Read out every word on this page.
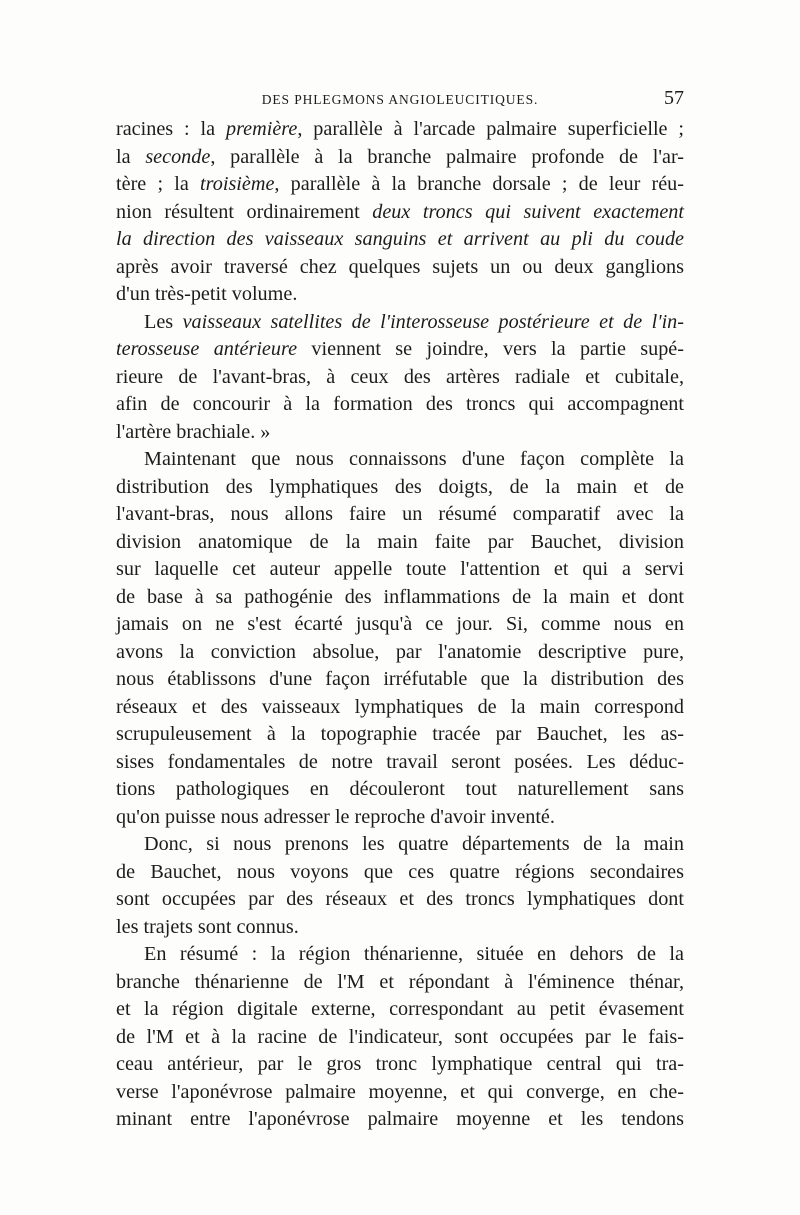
DES PHLEGMONS ANGIOLEUCITIQUES.	57
racines : la première, parallèle à l'arcade palmaire superficielle ;
la seconde, parallèle à la branche palmaire profonde de l'ar-
tère ; la troisième, parallèle à la branche dorsale ; de leur réu-
nion résultent ordinairement deux troncs qui suivent exactement
la direction des vaisseaux sanguins et arrivent au pli du coude
après avoir traversé chez quelques sujets un ou deux ganglions
d'un très-petit volume.
Les vaisseaux satellites de l'interosseuse postérieure et de l'in-
terosseuse antérieure viennent se joindre, vers la partie supé-
rieure de l'avant-bras, à ceux des artères radiale et cubitale,
afin de concourir à la formation des troncs qui accompagnent
l'artère brachiale. »
Maintenant que nous connaissons d'une façon complète la
distribution des lymphatiques des doigts, de la main et de
l'avant-bras, nous allons faire un résumé comparatif avec la
division anatomique de la main faite par Bauchet, division
sur laquelle cet auteur appelle toute l'attention et qui a servi
de base à sa pathogénie des inflammations de la main et dont
jamais on ne s'est écarté jusqu'à ce jour. Si, comme nous en
avons la conviction absolue, par l'anatomie descriptive pure,
nous établissons d'une façon irréfutable que la distribution des
réseaux et des vaisseaux lymphatiques de la main correspond
scrupuleusement à la topographie tracée par Bauchet, les as-
sises fondamentales de notre travail seront posées. Les déduc-
tions pathologiques en découleront tout naturellement sans
qu'on puisse nous adresser le reproche d'avoir inventé.
Donc, si nous prenons les quatre départements de la main
de Bauchet, nous voyons que ces quatre régions secondaires
sont occupées par des réseaux et des troncs lymphatiques dont
les trajets sont connus.
En résumé : la région thénarienne, située en dehors de la
branche thénarienne de l'M et répondant à l'éminence thénar,
et la région digitale externe, correspondant au petit évasement
de l'M et à la racine de l'indicateur, sont occupées par le fais-
ceau antérieur, par le gros tronc lymphatique central qui tra-
verse l'aponévrose palmaire moyenne, et qui converge, en che-
minant entre l'aponévrose palmaire moyenne et les tendons
